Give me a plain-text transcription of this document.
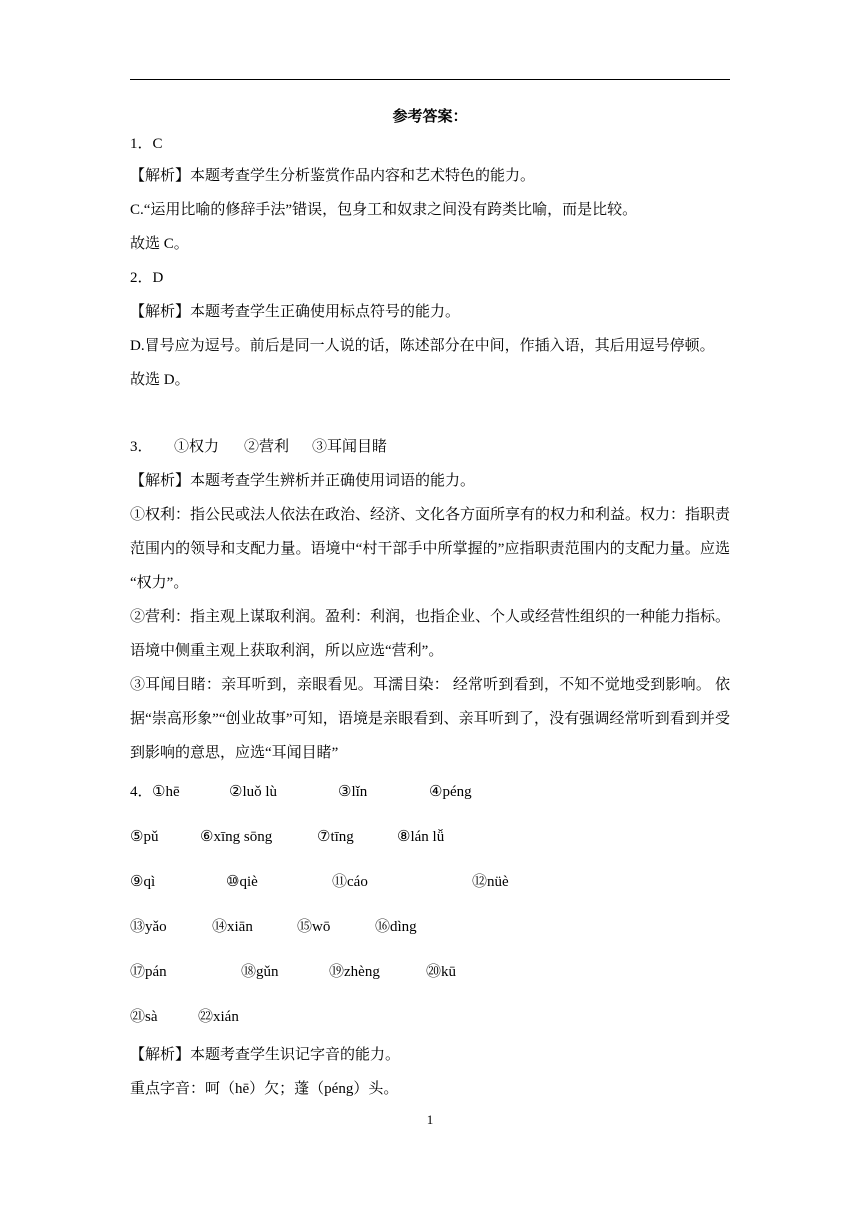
参考答案：
1．C
【解析】本题考查学生分析鉴赏作品内容和艺术特色的能力。
C.“运用比喻的修辞手法”错误，包身工和奴隶之间没有跨类比喻，而是比较。
故选 C。
2．D
【解析】本题考查学生正确使用标点符号的能力。
D.冒号应为逗号。前后是同一人说的话，陈述部分在中间，作插入语，其后用逗号停顿。
故选 D。
3． ①权力 ②营利 ③耳闻目睹
【解析】本题考查学生辨析并正确使用词语的能力。
①权利：指公民或法人依法在政治、经济、文化各方面所享有的权力和利益。权力：指职责
范围内的领导和支配力量。语境中“村干部手中所掌握的”应指职责范围内的支配力量。应选
“权力”。
②营利：指主观上谋取利润。盈利：利润，也指企业、个人或经营性组织的一种能力指标。
语境中侧重主观上获取利润，所以应选“营利”。
③耳闻目睹：亲耳听到，亲眼看见。耳濡目染： 经常听到看到，不知不觉地受到影响。 依
据“崇高形象”“创业故事”可知，语境是亲眼看到、亲耳听到了，没有强调经常听到看到并受
到影响的意思，应选“耳闻目睹”
4． ①hē	②luǒ lù	③lǐn	④péng
⑤pǔ	⑥xīng sōng	⑦tīng	⑧lán lǚ
⑨qì	⑩qiè	⑪cáo	⑫nüè
⑬yǎo	⑭xiān	⑮wō	⑯dìng
⑰pán	⑱gǔn	⑲zhèng	⑳kū
㉑sà	㉒xián
【解析】本题考查学生识记字音的能力。
重点字音：呵（hē）欠；蓬（péng）头。
1
